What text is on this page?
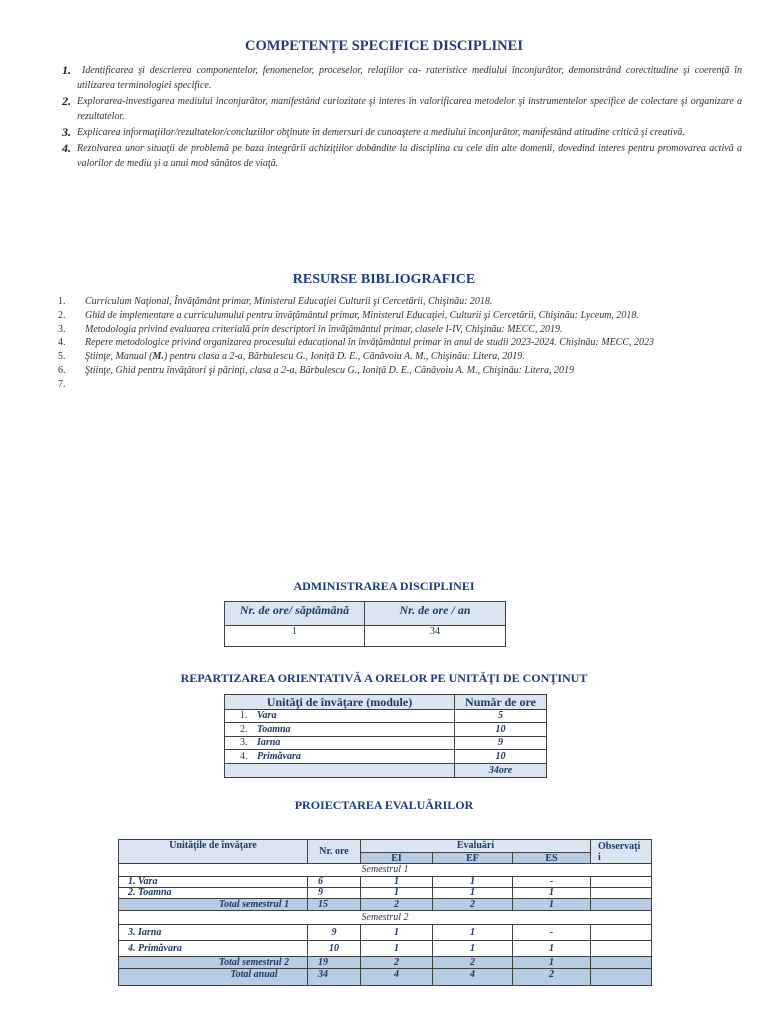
COMPETENȚE SPECIFICE DISCIPLINEI
1.	Identificarea şi descrierea componentelor, fenomenelor, proceselor, relaţiilor ca- rateristice mediului înconjurător, demonstrând corectitudine şi coerenţă în utilizarea terminologiei specifice.

2. Explorarea-investigarea mediului înconjurător, manifestând curiozitate şi interes în valorificarea metodelor şi instrumentelor specifice de colectare şi organizare a rezultatelor.

3. Explicarea informaţiilor/rezultatelor/concluziilor obţinute în demersuri de cunoaştere a mediului înconjurător, manifestând atitudine critică şi creativă.

4. Rezolvarea unor situaţii de problemă pe baza integrării achiziţiilor dobândite la disciplina cu cele din alte domenii, dovedind interes pentru promovarea activă a valorilor de mediu şi a unui mod sănătos de viaţă.

RESURSE BIBLIOGRAFICE
1. Curriculum Naţional, Învăţământ primar, Ministerul Educaţiei Culturii şi Cercetării, Chişinău: 2018.
2. Ghid de implementare a curriculumului pentru învăţământul primar, Ministerul Educaţiei, Culturii şi Cercetării, Chişinău: Lyceum, 2018.
3. Metodologia privind evaluarea criterială prin descriptori în învăţământul primar, clasele I-IV, Chişinău: MECC, 2019.
4. Repere metodologice privind organizarea procesului educațional în învățământul primar în anul de studii 2023-2024. Chișinău: MECC, 2023
5. Ştiinţe, Manual (M.) pentru clasa a 2-a, Bărbulescu G., Ioniță D. E., Cănăvoiu A. M., Chişinău: Litera, 2019.
6. Ştiinţe, Ghid pentru învăţători şi părinţi, clasa a 2-a, Bărbulescu G., Ioniță D. E., Cănăvoiu A. M., Chişinău: Litera, 2019
7.
ADMINISTRAREA DISCIPLINEI
Nr. de ore/ săptămână	Nr. de ore / an
1	34
REPARTIZAREA ORIENTATIVĂ A ORELOR PE UNITĂŢI DE CONŢINUT
Unităţi de învăţare (module)	Număr de ore
1. Vara	5
2. Toamna	10
3. Iarna	9
4. Primăvara	10
	34ore
PROIECTAREA EVALUĂRILOR
Unităţile de învăţare	Nr. ore	Evaluări			Observaţi
i
		EI	EF	ES	
Semestrul 1					
1. Vara	6	1	1	-	
2. Toamna	9	1	1	1	
Total semestrul 1	15	2	2	1	
Semestrul 2					
3. Iarna	9	1	1	-	
4. Primăvara	10	1	1	1	
Total semestrul 2	19	2	2	1	
Total anual	34	4	4	2	
